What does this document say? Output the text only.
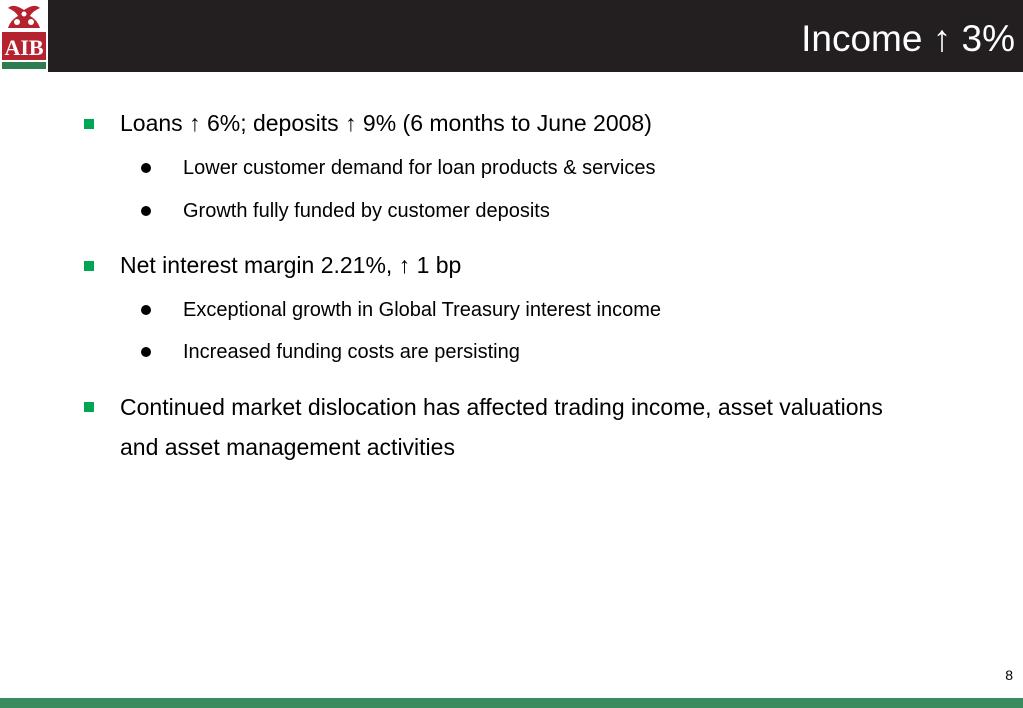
AIB	Income ↑ 3%
Loans ↑ 6%; deposits ↑ 9% (6 months to June 2008)
Lower customer demand for loan products & services
Growth fully funded by customer deposits
Net interest margin 2.21%, ↑ 1 bp
Exceptional growth in Global Treasury interest income
Increased funding costs are persisting
Continued market dislocation has affected trading income, asset valuations and asset management activities
8
